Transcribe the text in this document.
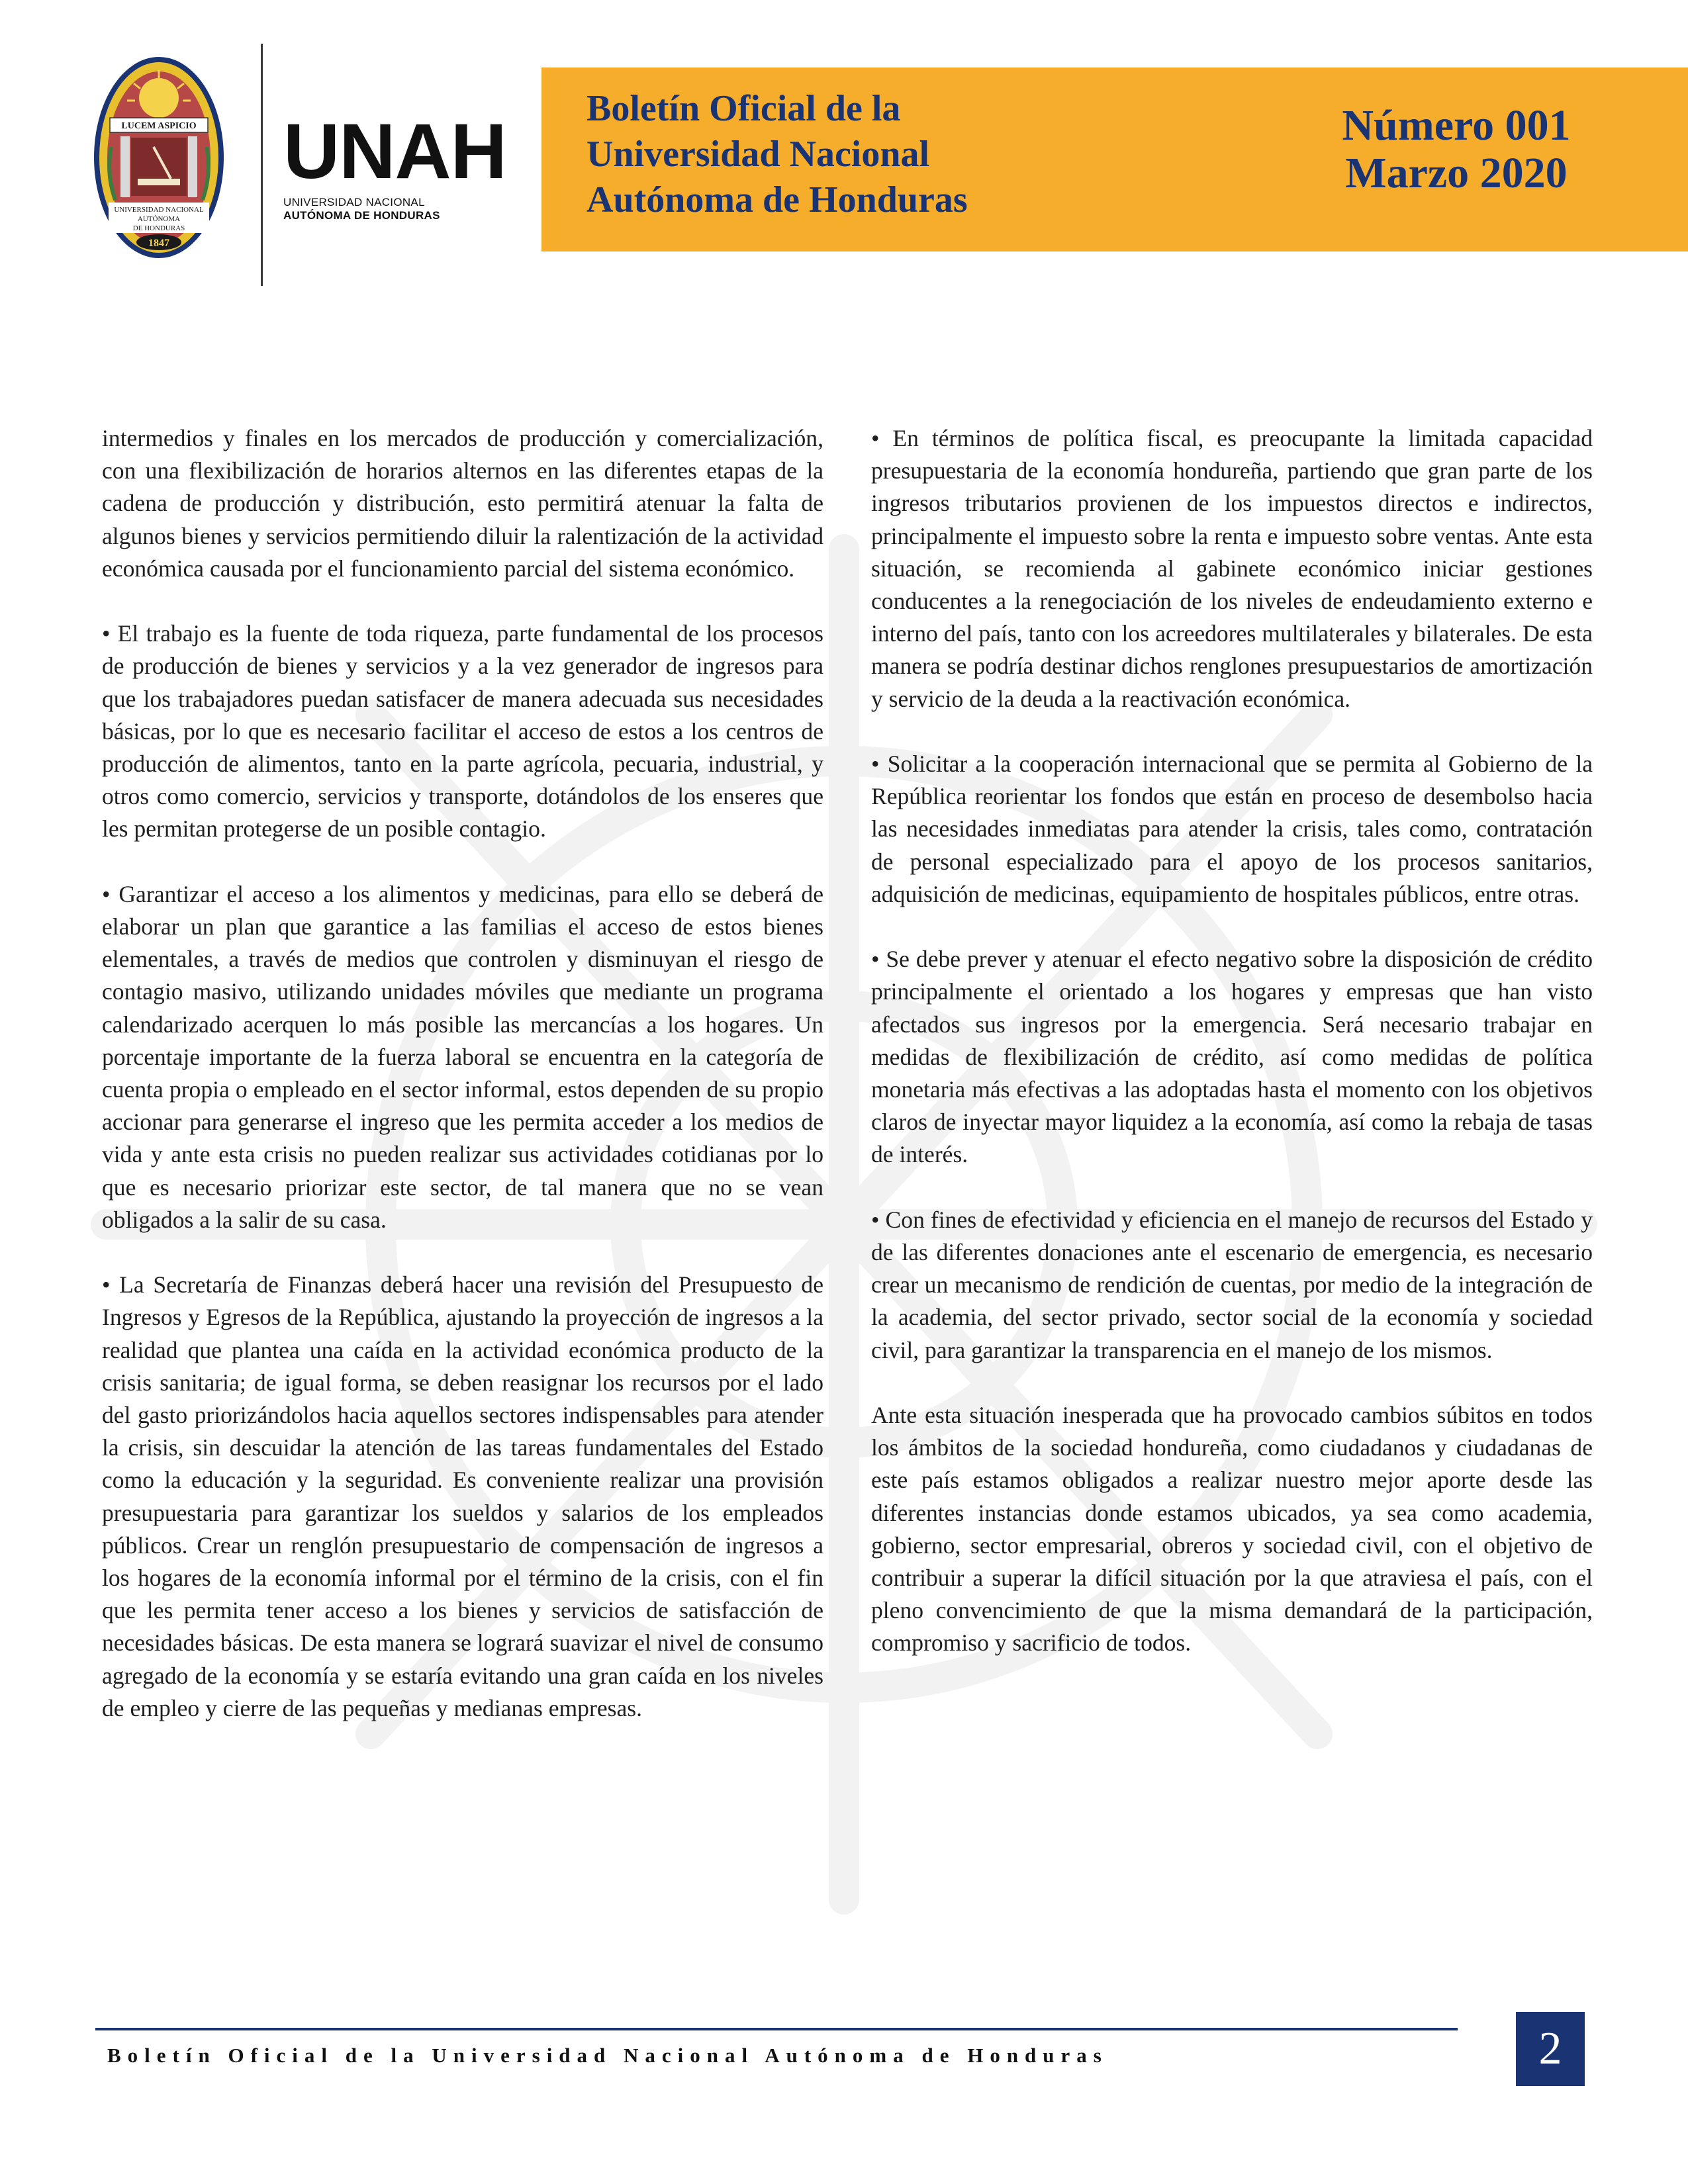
LUCEM ASPICIO
UNIVERSIDAD NACIONAL
AUTÓNOMA
DE HONDURAS
1847
UNAH
UNIVERSIDAD NACIONAL
AUTÓNOMA DE HONDURAS
Boletín Oficial de la
Universidad Nacional
Autónoma de Honduras
Número 001
Marzo 2020

intermedios y finales en los mercados de producción y comercialización, con una flexibilización de horarios alternos en las diferentes etapas de la cadena de producción y distribución, esto permitirá atenuar la falta de algunos bienes y servicios permitiendo diluir la ralentización de la actividad económica causada por el funcionamiento parcial del sistema económico.

• El trabajo es la fuente de toda riqueza, parte fundamental de los procesos de producción de bienes y servicios y a la vez generador de ingresos para que los trabajadores puedan satisfacer de manera adecuada sus necesidades básicas, por lo que es necesario facilitar el acceso de estos a los centros de producción de alimentos, tanto en la parte agrícola, pecuaria, industrial, y otros como comercio, servicios y transporte, dotándolos de los enseres que les permitan protegerse de un posible contagio.

• Garantizar el acceso a los alimentos y medicinas, para ello se deberá de elaborar un plan que garantice a las familias el acceso de estos bienes elementales, a través de medios que controlen y disminuyan el riesgo de contagio masivo, utilizando unidades móviles que mediante un programa calendarizado acerquen lo más posible las mercancías a los hogares. Un porcentaje importante de la fuerza laboral se encuentra en la categoría de cuenta propia o empleado en el sector informal, estos dependen de su propio accionar para generarse el ingreso que les permita acceder a los medios de vida y ante esta crisis no pueden realizar sus actividades cotidianas por lo que es necesario priorizar este sector, de tal manera que no se vean obligados a la salir de su casa.

• La Secretaría de Finanzas deberá hacer una revisión del Presupuesto de Ingresos y Egresos de la República, ajustando la proyección de ingresos a la realidad que plantea una caída en la actividad económica producto de la crisis sanitaria; de igual forma, se deben reasignar los recursos por el lado del gasto priorizándolos hacia aquellos sectores indispensables para atender la crisis, sin descuidar la atención de las tareas fundamentales del Estado como la educación y la seguridad. Es conveniente realizar una provisión presupuestaria para garantizar los sueldos y salarios de los empleados públicos. Crear un renglón presupuestario de compensación de ingresos a los hogares de la economía informal por el término de la crisis, con el fin que les permita tener acceso a los bienes y servicios de satisfacción de necesidades básicas. De esta manera se logrará suavizar el nivel de consumo agregado de la economía y se estaría evitando una gran caída en los niveles de empleo y cierre de las pequeñas y medianas empresas.

• En términos de política fiscal, es preocupante la limitada capacidad presupuestaria de la economía hondureña, partiendo que gran parte de los ingresos tributarios provienen de los impuestos directos e indirectos, principalmente el impuesto sobre la renta e impuesto sobre ventas. Ante esta situación, se recomienda al gabinete económico iniciar gestiones conducentes a la renegociación de los niveles de endeudamiento externo e interno del país, tanto con los acreedores multilaterales y bilaterales. De esta manera se podría destinar dichos renglones presupuestarios de amortización y servicio de la deuda a la reactivación económica.

• Solicitar a la cooperación internacional que se permita al Gobierno de la República reorientar los fondos que están en proceso de desembolso hacia las necesidades inmediatas para atender la crisis, tales como, contratación de personal especializado para el apoyo de los procesos sanitarios, adquisición de medicinas, equipamiento de hospitales públicos, entre otras.

• Se debe prever y atenuar el efecto negativo sobre la disposición de crédito principalmente el orientado a los hogares y empresas que han visto afectados sus ingresos por la emergencia. Será necesario trabajar en medidas de flexibilización de crédito, así como medidas de política monetaria más efectivas a las adoptadas hasta el momento con los objetivos claros de inyectar mayor liquidez a la economía, así como la rebaja de tasas de interés.

• Con fines de efectividad y eficiencia en el manejo de recursos del Estado y de las diferentes donaciones ante el escenario de emergencia, es necesario crear un mecanismo de rendición de cuentas, por medio de la integración de la academia, del sector privado, sector social de la economía y sociedad civil, para garantizar la transparencia en el manejo de los mismos.

Ante esta situación inesperada que ha provocado cambios súbitos en todos los ámbitos de la sociedad hondureña, como ciudadanos y ciudadanas de este país estamos obligados a realizar nuestro mejor aporte desde las diferentes instancias donde estamos ubicados, ya sea como academia, gobierno, sector empresarial, obreros y sociedad civil, con el objetivo de contribuir a superar la difícil situación por la que atraviesa el país, con el pleno convencimiento de que la misma demandará de la participación, compromiso y sacrificio de todos.

Boletín Oficial de la Universidad Nacional Autónoma de Honduras	2
